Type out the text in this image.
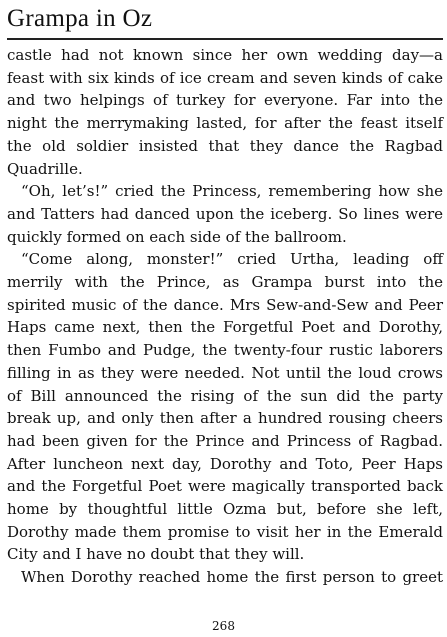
Grampa in Oz

castle had not known since her own wedding day—a feast with six kinds of ice cream and seven kinds of cake and two helpings of turkey for everyone. Far into the night the merrymaking lasted, for after the feast itself the old soldier insisted that they dance the Ragbad Quadrille.

“Oh, let’s!” cried the Princess, remembering how she and Tatters had danced upon the iceberg. So lines were quickly formed on each side of the ballroom.

“Come along, monster!” cried Urtha, leading off merrily with the Prince, as Grampa burst into the spirited music of the dance. Mrs Sew-and-Sew and Peer Haps came next, then the Forgetful Poet and Dorothy, then Fumbo and Pudge, the twenty-four rustic laborers filling in as they were needed. Not until the loud crows of Bill announced the rising of the sun did the party break up, and only then after a hundred rousing cheers had been given for the Prince and Princess of Ragbad. After luncheon next day, Dorothy and Toto, Peer Haps and the Forgetful Poet were magically transported back home by thoughtful little Ozma but, before she left, Dorothy made them promise to visit her in the Emerald City and I have no doubt that they will.

When Dorothy reached home the first person to greet

268
